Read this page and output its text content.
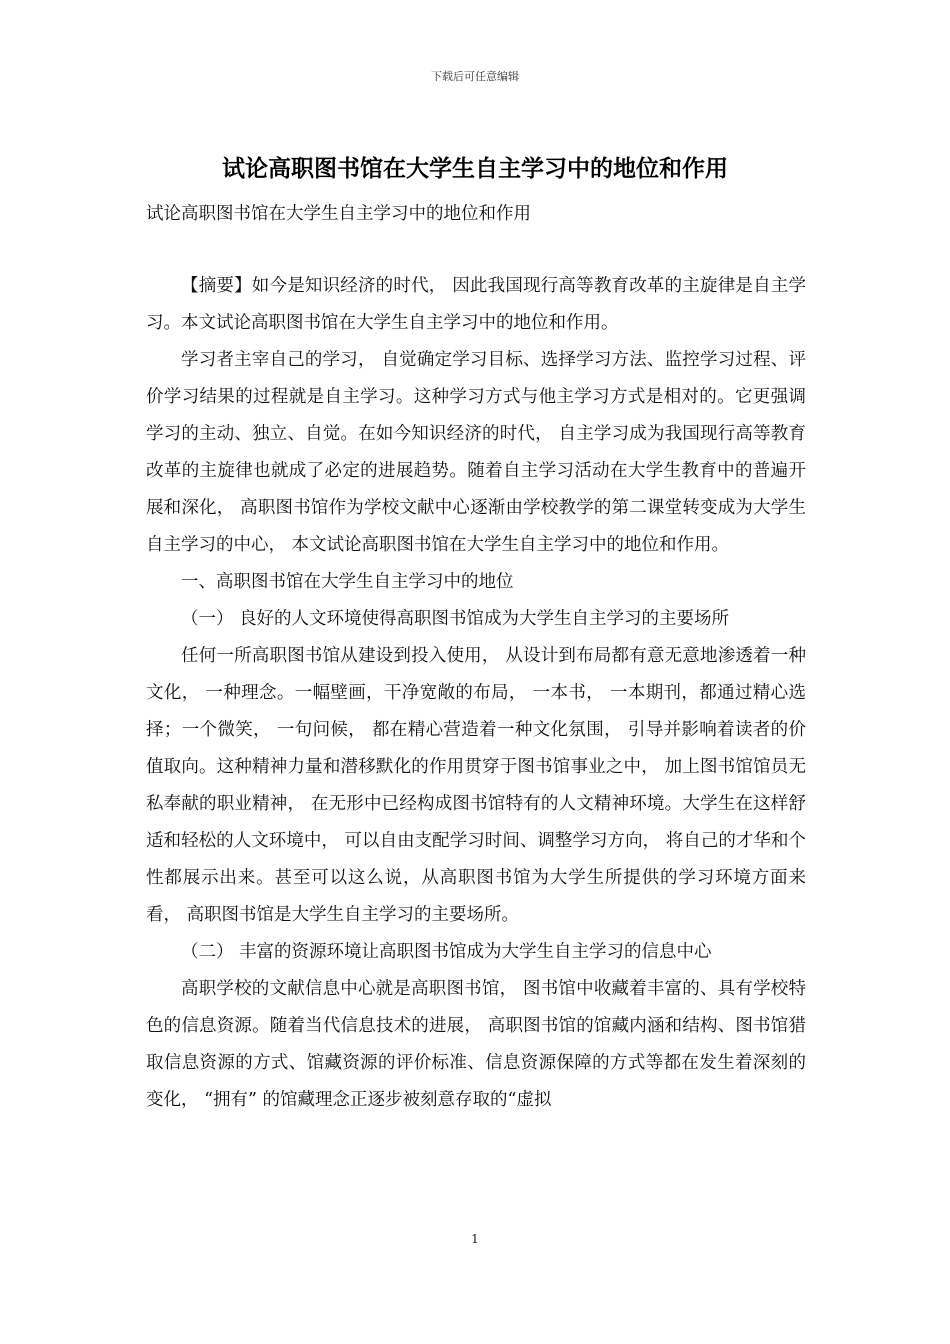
下载后可任意编辑
试论高职图书馆在大学生自主学习中的地位和作用
试论高职图书馆在大学生自主学习中的地位和作用

【摘要】如今是知识经济的时代， 因此我国现行高等教育改革的主旋律是自主学习。本文试论高职图书馆在大学生自主学习中的地位和作用。

学习者主宰自己的学习， 自觉确定学习目标、选择学习方法、监控学习过程、评价学习结果的过程就是自主学习。这种学习方式与他主学习方式是相对的。它更强调学习的主动、独立、自觉。在如今知识经济的时代， 自主学习成为我国现行高等教育改革的主旋律也就成了必定的进展趋势。随着自主学习活动在大学生教育中的普遍开展和深化， 高职图书馆作为学校文献中心逐渐由学校教学的第二课堂转变成为大学生自主学习的中心， 本文试论高职图书馆在大学生自主学习中的地位和作用。

一、高职图书馆在大学生自主学习中的地位

（一） 良好的人文环境使得高职图书馆成为大学生自主学习的主要场所

任何一所高职图书馆从建设到投入使用， 从设计到布局都有意无意地渗透着一种文化， 一种理念。一幅壁画，干净宽敞的布局， 一本书， 一本期刊，都通过精心选择；一个微笑， 一句问候， 都在精心营造着一种文化氛围， 引导并影响着读者的价值取向。这种精神力量和潜移默化的作用贯穿于图书馆事业之中， 加上图书馆馆员无私奉献的职业精神， 在无形中已经构成图书馆特有的人文精神环境。大学生在这样舒适和轻松的人文环境中， 可以自由支配学习时间、调整学习方向， 将自己的才华和个性都展示出来。甚至可以这么说，从高职图书馆为大学生所提供的学习环境方面来看， 高职图书馆是大学生自主学习的主要场所。

（二） 丰富的资源环境让高职图书馆成为大学生自主学习的信息中心

高职学校的文献信息中心就是高职图书馆， 图书馆中收藏着丰富的、具有学校特色的信息资源。随着当代信息技术的进展， 高职图书馆的馆藏内涵和结构、图书馆猎取信息资源的方式、馆藏资源的评价标准、信息资源保障的方式等都在发生着深刻的变化， “拥有” 的馆藏理念正逐步被刻意存取的“虚拟

1
